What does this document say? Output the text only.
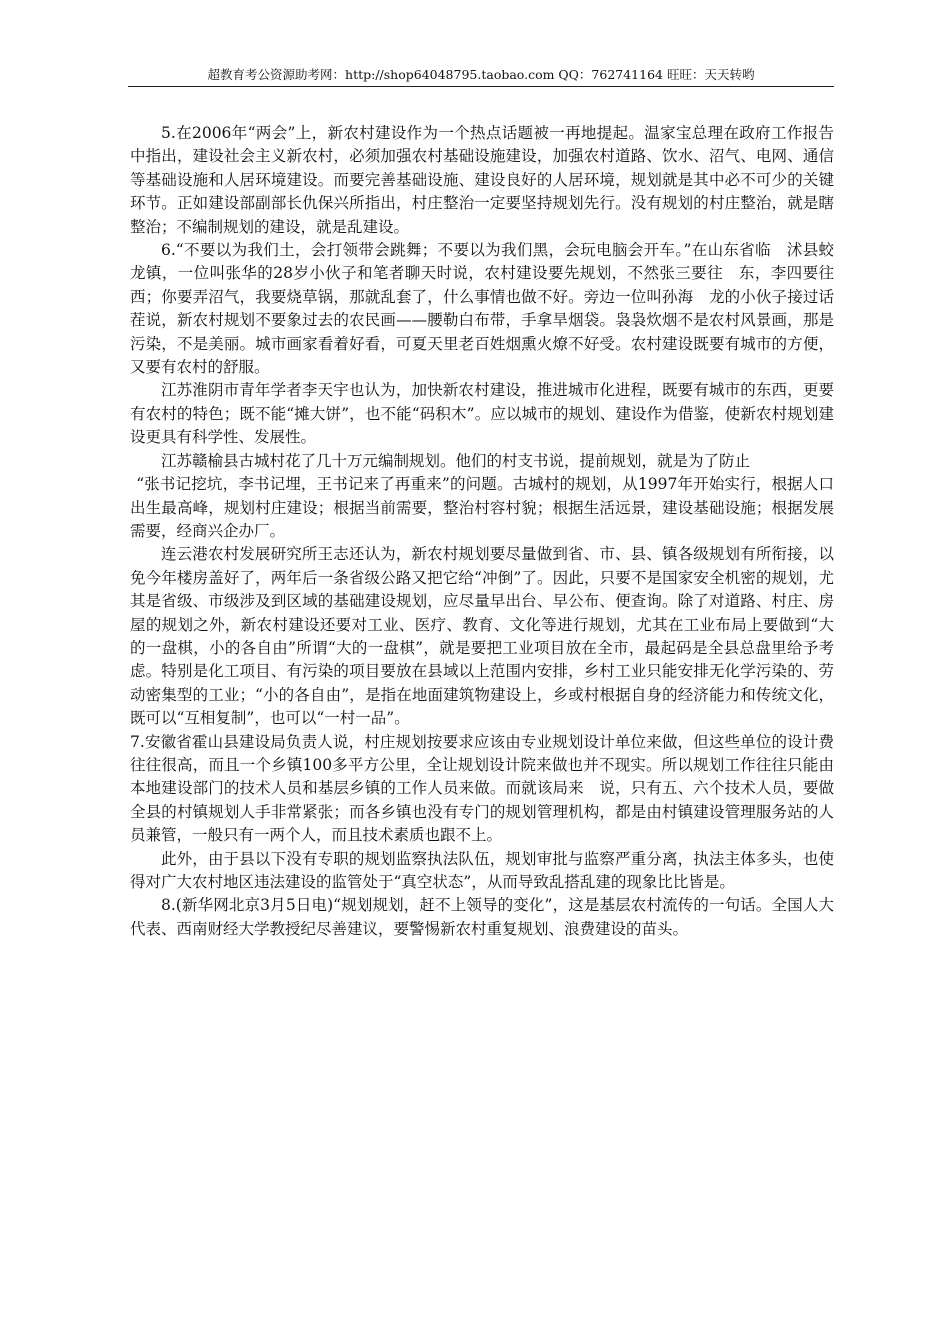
超教育考公资源助考网：http://shop64048795.taobao.com QQ：762741164 旺旺：天天转哟

5.在2006年“两会”上，新农村建设作为一个热点话题被一再地提起。温家宝总理在政府工作报告中指出，建设社会主义新农村，必须加强农村基础设施建设，加强农村道路、饮水、沼气、电网、通信等基础设施和人居环境建设。而要完善基础设施、建设良好的人居环境，规划就是其中必不可少的关键环节。正如建设部副部长仇保兴所指出，村庄整治一定要坚持规划先行。没有规划的村庄整治，就是瞎整治；不编制规划的建设，就是乱建设。

6.“不要以为我们土，会打领带会跳舞；不要以为我们黑，会玩电脑会开车。”在山东省临　沭县蛟龙镇，一位叫张华的28岁小伙子和笔者聊天时说，农村建设要先规划，不然张三要往　东，李四要往西；你要弄沼气，我要烧草锅，那就乱套了，什么事情也做不好。旁边一位叫孙海　龙的小伙子接过话茬说，新农村规划不要象过去的农民画——腰勒白布带，手拿旱烟袋。袅袅炊烟不是农村风景画，那是污染，不是美丽。城市画家看着好看，可夏天里老百姓烟熏火燎不好受。农村建设既要有城市的方便，又要有农村的舒服。

江苏淮阴市青年学者李天宇也认为，加快新农村建设，推进城市化进程，既要有城市的东西，更要有农村的特色；既不能“摊大饼”，也不能“码积木”。应以城市的规划、建设作为借鉴，使新农村规划建设更具有科学性、发展性。

江苏赣榆县古城村花了几十万元编制规划。他们的村支书说，提前规划，就是为了防止

“张书记挖坑，李书记埋，王书记来了再重来”的问题。古城村的规划，从1997年开始实行，根据人口出生最高峰，规划村庄建设；根据当前需要，整治村容村貌；根据生活远景，建设基础设施；根据发展需要，经商兴企办厂。

连云港农村发展研究所王志还认为，新农村规划要尽量做到省、市、县、镇各级规划有所衔接，以免今年楼房盖好了，两年后一条省级公路又把它给“冲倒”了。因此，只要不是国家安全机密的规划，尤其是省级、市级涉及到区域的基础建设规划，应尽量早出台、早公布、便查询。除了对道路、村庄、房屋的规划之外，新农村建设还要对工业、医疗、教育、文化等进行规划，尤其在工业布局上要做到“大的一盘棋，小的各自由”所谓“大的一盘棋”，就是要把工业项目放在全市，最起码是全县总盘里给予考虑。特别是化工项目、有污染的项目要放在县域以上范围内安排，乡村工业只能安排无化学污染的、劳动密集型的工业；“小的各自由”，是指在地面建筑物建设上，乡或村根据自身的经济能力和传统文化，既可以“互相复制”，也可以“一村一品”。

7.安徽省霍山县建设局负责人说，村庄规划按要求应该由专业规划设计单位来做，但这些单位的设计费往往很高，而且一个乡镇100多平方公里，全让规划设计院来做也并不现实。所以规划工作往往只能由本地建设部门的技术人员和基层乡镇的工作人员来做。而就该局来　说，只有五、六个技术人员，要做全县的村镇规划人手非常紧张；而各乡镇也没有专门的规划管理机构，都是由村镇建设管理服务站的人员兼管，一般只有一两个人，而且技术素质也跟不上。

此外，由于县以下没有专职的规划监察执法队伍，规划审批与监察严重分离，执法主体多头，也使得对广大农村地区违法建设的监管处于“真空状态”，从而导致乱搭乱建的现象比比皆是。

8.(新华网北京3月5日电)“规划规划，赶不上领导的变化”，这是基层农村流传的一句话。全国人大代表、西南财经大学教授纪尽善建议，要警惕新农村重复规划、浪费建设的苗头。
